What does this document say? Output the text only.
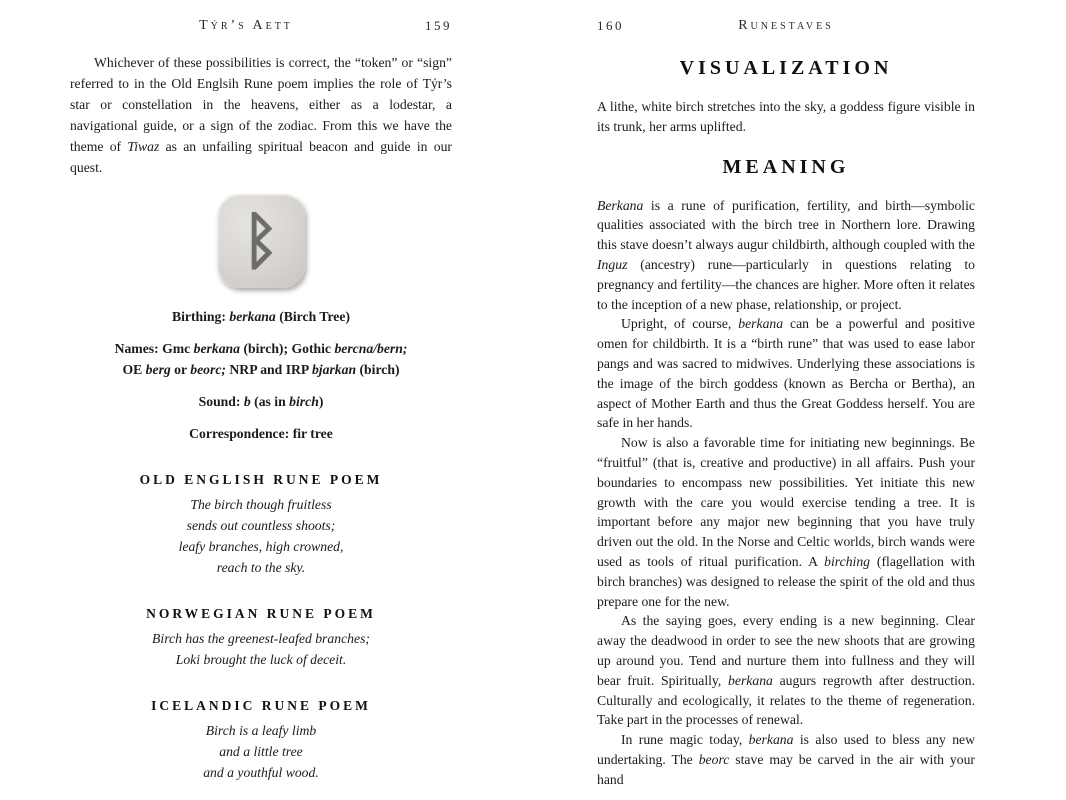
Týr’s Aett	159

Whichever of these possibilities is correct, the “token” or “sign” referred to in the Old Englsih Rune poem implies the role of Týr’s star or constellation in the heavens, either as a lodestar, a navigational guide, or a sign of the zodiac. From this we have the theme of Tiwaz as an unfailing spiritual beacon and guide in our quest.

ᛒ

Birthing: berkana (Birch Tree)

Names: Gmc berkana (birch); Gothic bercna/bern;

OE berg or beorc; NRP and IRP bjarkan (birch)

Sound: b (as in birch)

Correspondence: fir tree

OLD ENGLISH RUNE POEM
The birch though fruitless
sends out countless shoots;
leafy branches, high crowned,
reach to the sky.
NORWEGIAN RUNE POEM
Birch has the greenest-leafed branches;
Loki brought the luck of deceit.
ICELANDIC RUNE POEM
Birch is a leafy limb
and a little tree
and a youthful wood.
160	Runestaves
VISUALIZATION

A lithe, white birch stretches into the sky, a goddess figure visible in its trunk, her arms uplifted.

MEANING

Berkana is a rune of purification, fertility, and birth—symbolic qualities associated with the birch tree in Northern lore. Drawing this stave doesn’t always augur childbirth, although coupled with the Inguz (ancestry) rune—particularly in questions relating to pregnancy and fertility—the chances are higher. More often it relates to the inception of a new phase, relationship, or project.

Upright, of course, berkana can be a powerful and positive omen for childbirth. It is a “birth rune” that was used to ease labor pangs and was sacred to midwives. Underlying these associations is the image of the birch goddess (known as Bercha or Bertha), an aspect of Mother Earth and thus the Great Goddess herself. You are safe in her hands.

Now is also a favorable time for initiating new beginnings. Be “fruitful” (that is, creative and productive) in all affairs. Push your boundaries to encompass new possibilities. Yet initiate this new growth with the care you would exercise tending a tree. It is important before any major new beginning that you have truly driven out the old. In the Norse and Celtic worlds, birch wands were used as tools of ritual purification. A birching (flagellation with birch branches) was designed to release the spirit of the old and thus prepare one for the new.

As the saying goes, every ending is a new beginning. Clear away the deadwood in order to see the new shoots that are growing up around you. Tend and nurture them into fullness and they will bear fruit. Spiritually, berkana augurs regrowth after destruction. Culturally and ecologically, it relates to the theme of regeneration. Take part in the processes of renewal.

In rune magic today, berkana is also used to bless any new undertaking. The beorc stave may be carved in the air with your hand
